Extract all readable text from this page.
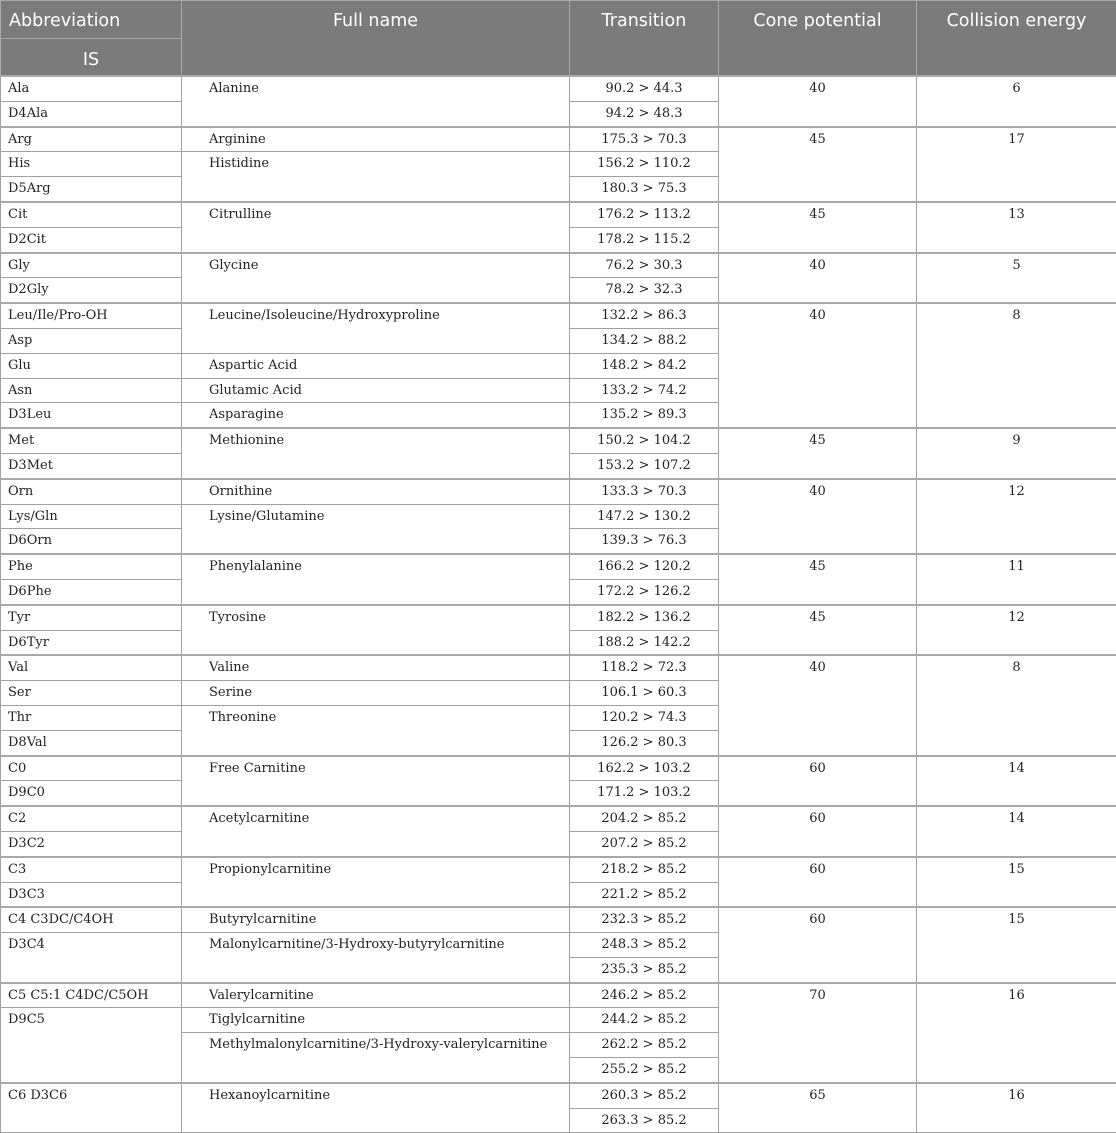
Abbreviation	Full name	Transition	Cone potential	Collision energy
IS				
Ala	Alanine	90.2 > 44.3	40	6
D4Ala		94.2 > 48.3		
Arg	Arginine	175.3 > 70.3	45	17
His	Histidine	156.2 > 110.2		
D5Arg		180.3 > 75.3		
Cit	Citrulline	176.2 > 113.2	45	13
D2Cit		178.2 > 115.2		
Gly	Glycine	76.2 > 30.3	40	5
D2Gly		78.2 > 32.3		
Leu/Ile/Pro-OH	Leucine/Isoleucine/Hydroxyproline	132.2 > 86.3	40	8
Asp		134.2 > 88.2		
Glu	Aspartic Acid	148.2 > 84.2		
Asn	Glutamic Acid	133.2 > 74.2		
D3Leu	Asparagine	135.2 > 89.3		
Met	Methionine	150.2 > 104.2	45	9
D3Met		153.2 > 107.2		
Orn	Ornithine	133.3 > 70.3	40	12
Lys/Gln	Lysine/Glutamine	147.2 > 130.2		
D6Orn		139.3 > 76.3		
Phe	Phenylalanine	166.2 > 120.2	45	11
D6Phe		172.2 > 126.2		
Tyr	Tyrosine	182.2 > 136.2	45	12
D6Tyr		188.2 > 142.2		
Val	Valine	118.2 > 72.3	40	8
Ser	Serine	106.1 > 60.3		
Thr	Threonine	120.2 > 74.3		
D8Val		126.2 > 80.3		
C0	Free Carnitine	162.2 > 103.2	60	14
D9C0		171.2 > 103.2		
C2	Acetylcarnitine	204.2 > 85.2	60	14
D3C2		207.2 > 85.2		
C3	Propionylcarnitine	218.2 > 85.2	60	15
D3C3		221.2 > 85.2		
C4 C3DC/C4OH	Butyrylcarnitine	232.3 > 85.2	60	15
D3C4	Malonylcarnitine/3-Hydroxy-butyrylcarnitine	248.3 > 85.2		
		235.3 > 85.2		
C5 C5:1 C4DC/C5OH	Valerylcarnitine	246.2 > 85.2	70	16
D9C5	Tiglylcarnitine	244.2 > 85.2		
	Methylmalonylcarnitine/3-Hydroxy-valerylcarnitine	262.2 > 85.2		
		255.2 > 85.2		
C6 D3C6	Hexanoylcarnitine	260.3 > 85.2	65	16
		263.3 > 85.2		
